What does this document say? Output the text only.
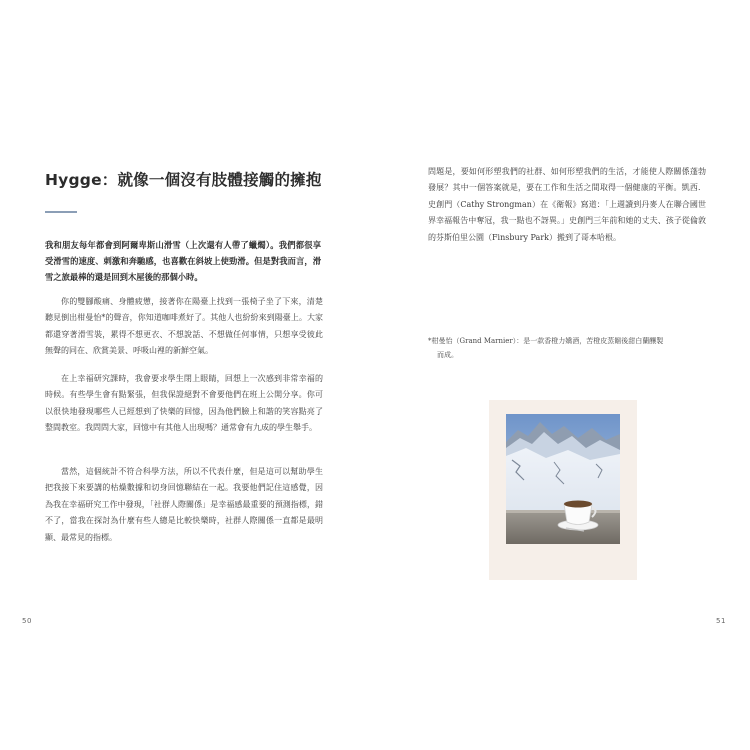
Hygge：就像一個沒有肢體接觸的擁抱
我和朋友每年都會到阿爾卑斯山滑雪（上次還有人帶了蠟燭）。我們都很享受滑雪的速度、刺激和奔馳感，也喜歡在斜坡上使勁滑。但是對我而言，滑雪之旅最棒的還是回到木屋後的那個小時。
你的雙腳酸痛、身體疲憊，接著你在陽臺上找到一張椅子坐了下來，清楚聽見倒出柑曼怡*的聲音，你知道咖啡煮好了。其他人也紛紛來到陽臺上。大家都還穿著滑雪裝，累得不想更衣、不想說話、不想做任何事情，只想享受彼此無聲的同在、欣賞美景、呼吸山裡的新鮮空氣。
在上幸福研究課時，我會要求學生閉上眼睛，回想上一次感到非常幸福的時候。有些學生會有點緊張，但我保證絕對不會要他們在班上公開分享。你可以很快地發現哪些人已經想到了快樂的回憶，因為他們臉上和諧的笑容點亮了整間教室。我問問大家，回憶中有其他人出現嗎？通常會有九成的學生舉手。
當然，這個統計不符合科學方法，所以不代表什麼，但是這可以幫助學生把我接下來要講的枯燥數據和切身回憶聯結在一起。我要他們記住這感覺，因為我在幸福研究工作中發現，「社群人際關係」是幸福感最重要的預測指標，錯不了，當我在探討為什麼有些人總是比較快樂時，社群人際關係一直都是最明顯、最常見的指標。
50
問題是，要如何形塑我們的社群、如何形塑我們的生活，才能使人際關係蓬勃發展？其中一個答案就是，要在工作和生活之間取得一個健康的平衡。凱西．史創門（Cathy Strongman）在《衛報》寫道：「上週讀到丹麥人在聯合國世界幸福報告中奪冠，我一點也不訝異。」史創門三年前和她的丈夫、孩子從倫敦的芬斯伯里公園（Finsbury Park）搬到了哥本哈根。
*柑曼怡（Grand Marnier）：是一款香橙力嬌酒，苦橙皮蒸餾後甜白蘭釀製
而成。
51
